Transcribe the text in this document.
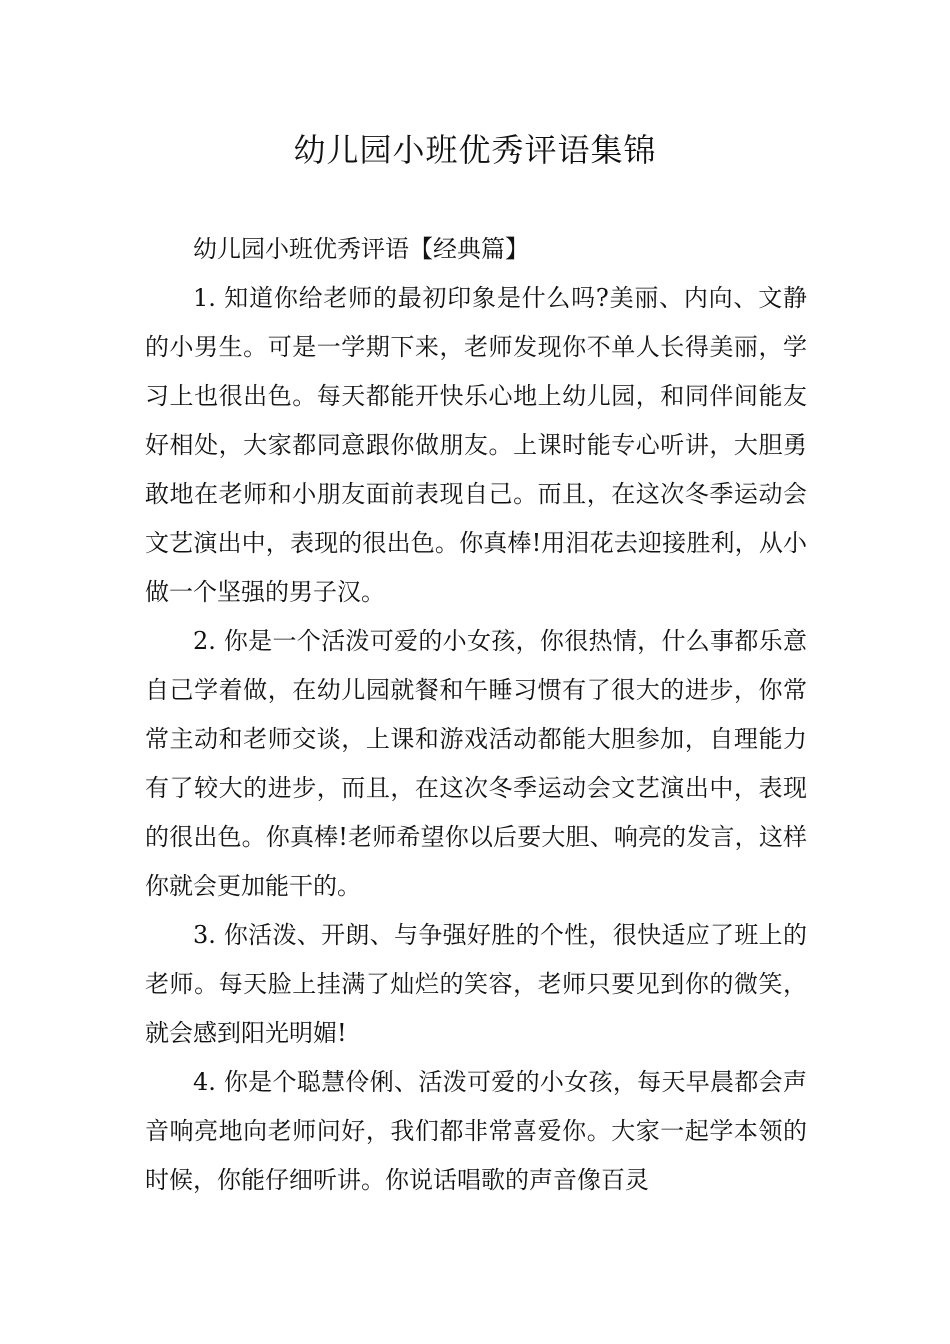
幼儿园小班优秀评语集锦

幼儿园小班优秀评语【经典篇】

1. 知道你给老师的最初印象是什么吗?美丽、内向、文静的小男生。可是一学期下来，老师发现你不单人长得美丽，学习上也很出色。每天都能开快乐心地上幼儿园，和同伴间能友好相处，大家都同意跟你做朋友。上课时能专心听讲，大胆勇敢地在老师和小朋友面前表现自己。而且，在这次冬季运动会文艺演出中，表现的很出色。你真棒!用泪花去迎接胜利，从小做一个坚强的男子汉。

2. 你是一个活泼可爱的小女孩，你很热情，什么事都乐意自己学着做，在幼儿园就餐和午睡习惯有了很大的进步，你常常主动和老师交谈，上课和游戏活动都能大胆参加，自理能力有了较大的进步，而且，在这次冬季运动会文艺演出中，表现的很出色。你真棒!老师希望你以后要大胆、响亮的发言，这样你就会更加能干的。

3. 你活泼、开朗、与争强好胜的个性，很快适应了班上的老师。每天脸上挂满了灿烂的笑容，老师只要见到你的微笑，就会感到阳光明媚!

4. 你是个聪慧伶俐、活泼可爱的小女孩，每天早晨都会声音响亮地向老师问好，我们都非常喜爱你。大家一起学本领的时候，你能仔细听讲。你说话唱歌的声音像百灵
